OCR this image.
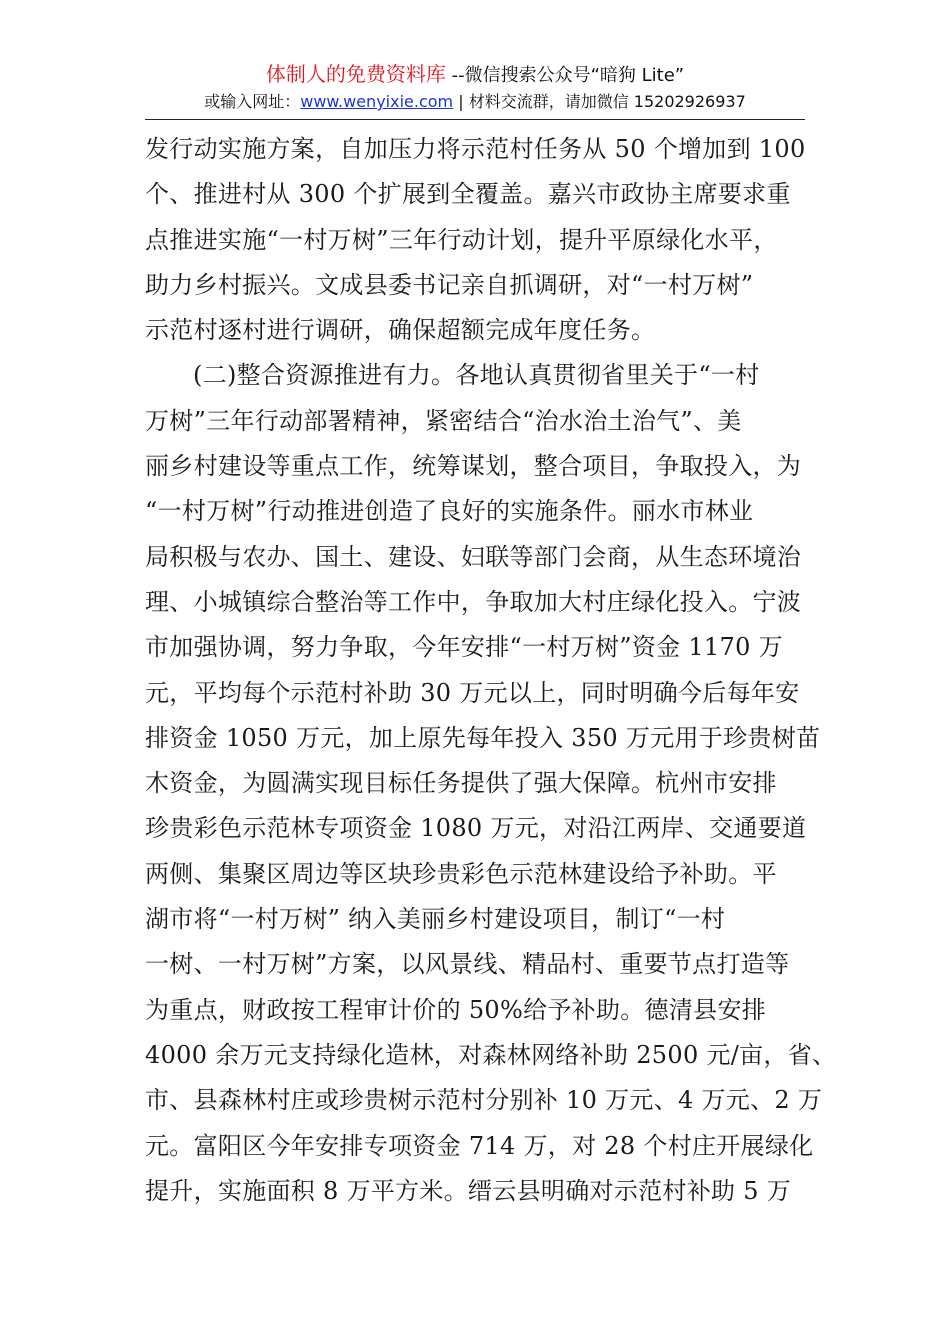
体制人的免费资料库 --微信搜索公众号“暗狗 Lite”
或输入网址：www.wenyixie.com | 材料交流群，请加微信 15202926937
发行动实施方案，自加压力将示范村任务从 50 个增加到 100
个、推进村从 300 个扩展到全覆盖。嘉兴市政协主席要求重
点推进实施“一村万树”三年行动计划，提升平原绿化水平，
助力乡村振兴。文成县委书记亲自抓调研，对“一村万树”
示范村逐村进行调研，确保超额完成年度任务。
(二)整合资源推进有力。各地认真贯彻省里关于“一村
万树”三年行动部署精神，紧密结合“治水治土治气”、美
丽乡村建设等重点工作，统筹谋划，整合项目，争取投入，为
“一村万树”行动推进创造了良好的实施条件。丽水市林业
局积极与农办、国土、建设、妇联等部门会商，从生态环境治
理、小城镇综合整治等工作中，争取加大村庄绿化投入。宁波
市加强协调，努力争取，今年安排“一村万树”资金 1170 万
元，平均每个示范村补助 30 万元以上，同时明确今后每年安
排资金 1050 万元，加上原先每年投入 350 万元用于珍贵树苗
木资金，为圆满实现目标任务提供了强大保障。杭州市安排
珍贵彩色示范林专项资金 1080 万元，对沿江两岸、交通要道
两侧、集聚区周边等区块珍贵彩色示范林建设给予补助。平
湖市将“一村万树” 纳入美丽乡村建设项目，制订“一村
一树、一村万树”方案，以风景线、精品村、重要节点打造等
为重点，财政按工程审计价的 50%给予补助。德清县安排
4000 余万元支持绿化造林，对森林网络补助 2500 元/亩，省、
市、县森林村庄或珍贵树示范村分别补 10 万元、4 万元、2 万
元。富阳区今年安排专项资金 714 万，对 28 个村庄开展绿化
提升，实施面积 8 万平方米。缙云县明确对示范村补助 5 万
